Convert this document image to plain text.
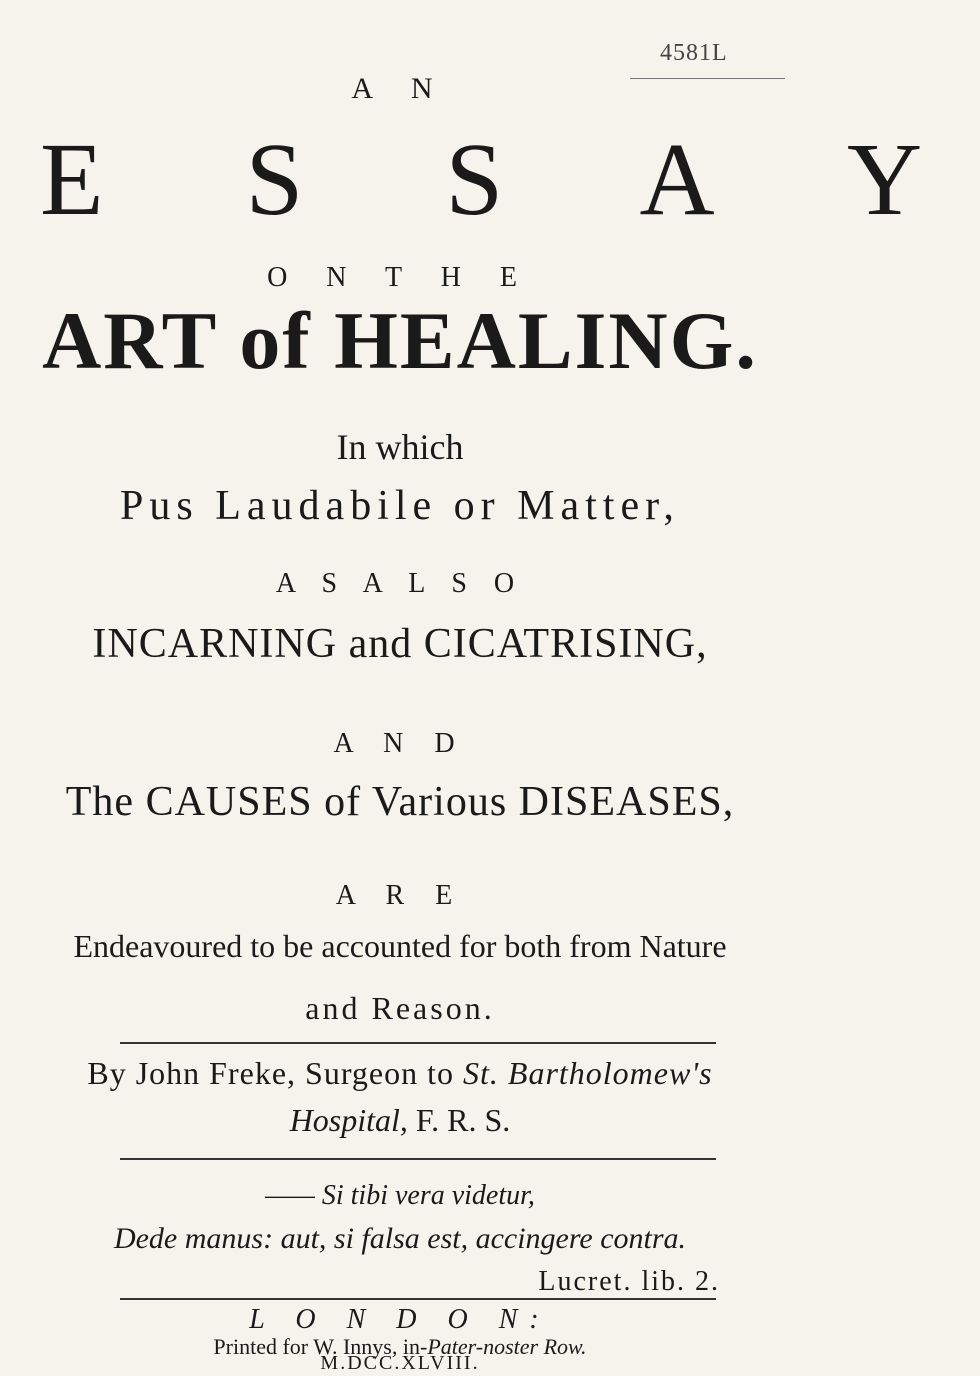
4581L
A N
E S S A Y
O N T H E
ART of HEALING.
In which
Pus Laudabile or Matter,
A S A L S O
INCARNING and CICATRISING,
A N D
The CAUSES of Various DISEASES,
A R E
Endeavoured to be accounted for both from Nature
and Reason.
By John Freke, Surgeon to St. Bartholomew's
Hospital, F. R. S.
—— Si tibi vera videtur,
Dede manus: aut, si falsa est, accingere contra.
Lucret. lib. 2.
L O N D O N:
Printed for W. Innys, in-Pater-noster Row.
M.DCC.XLVIII.
